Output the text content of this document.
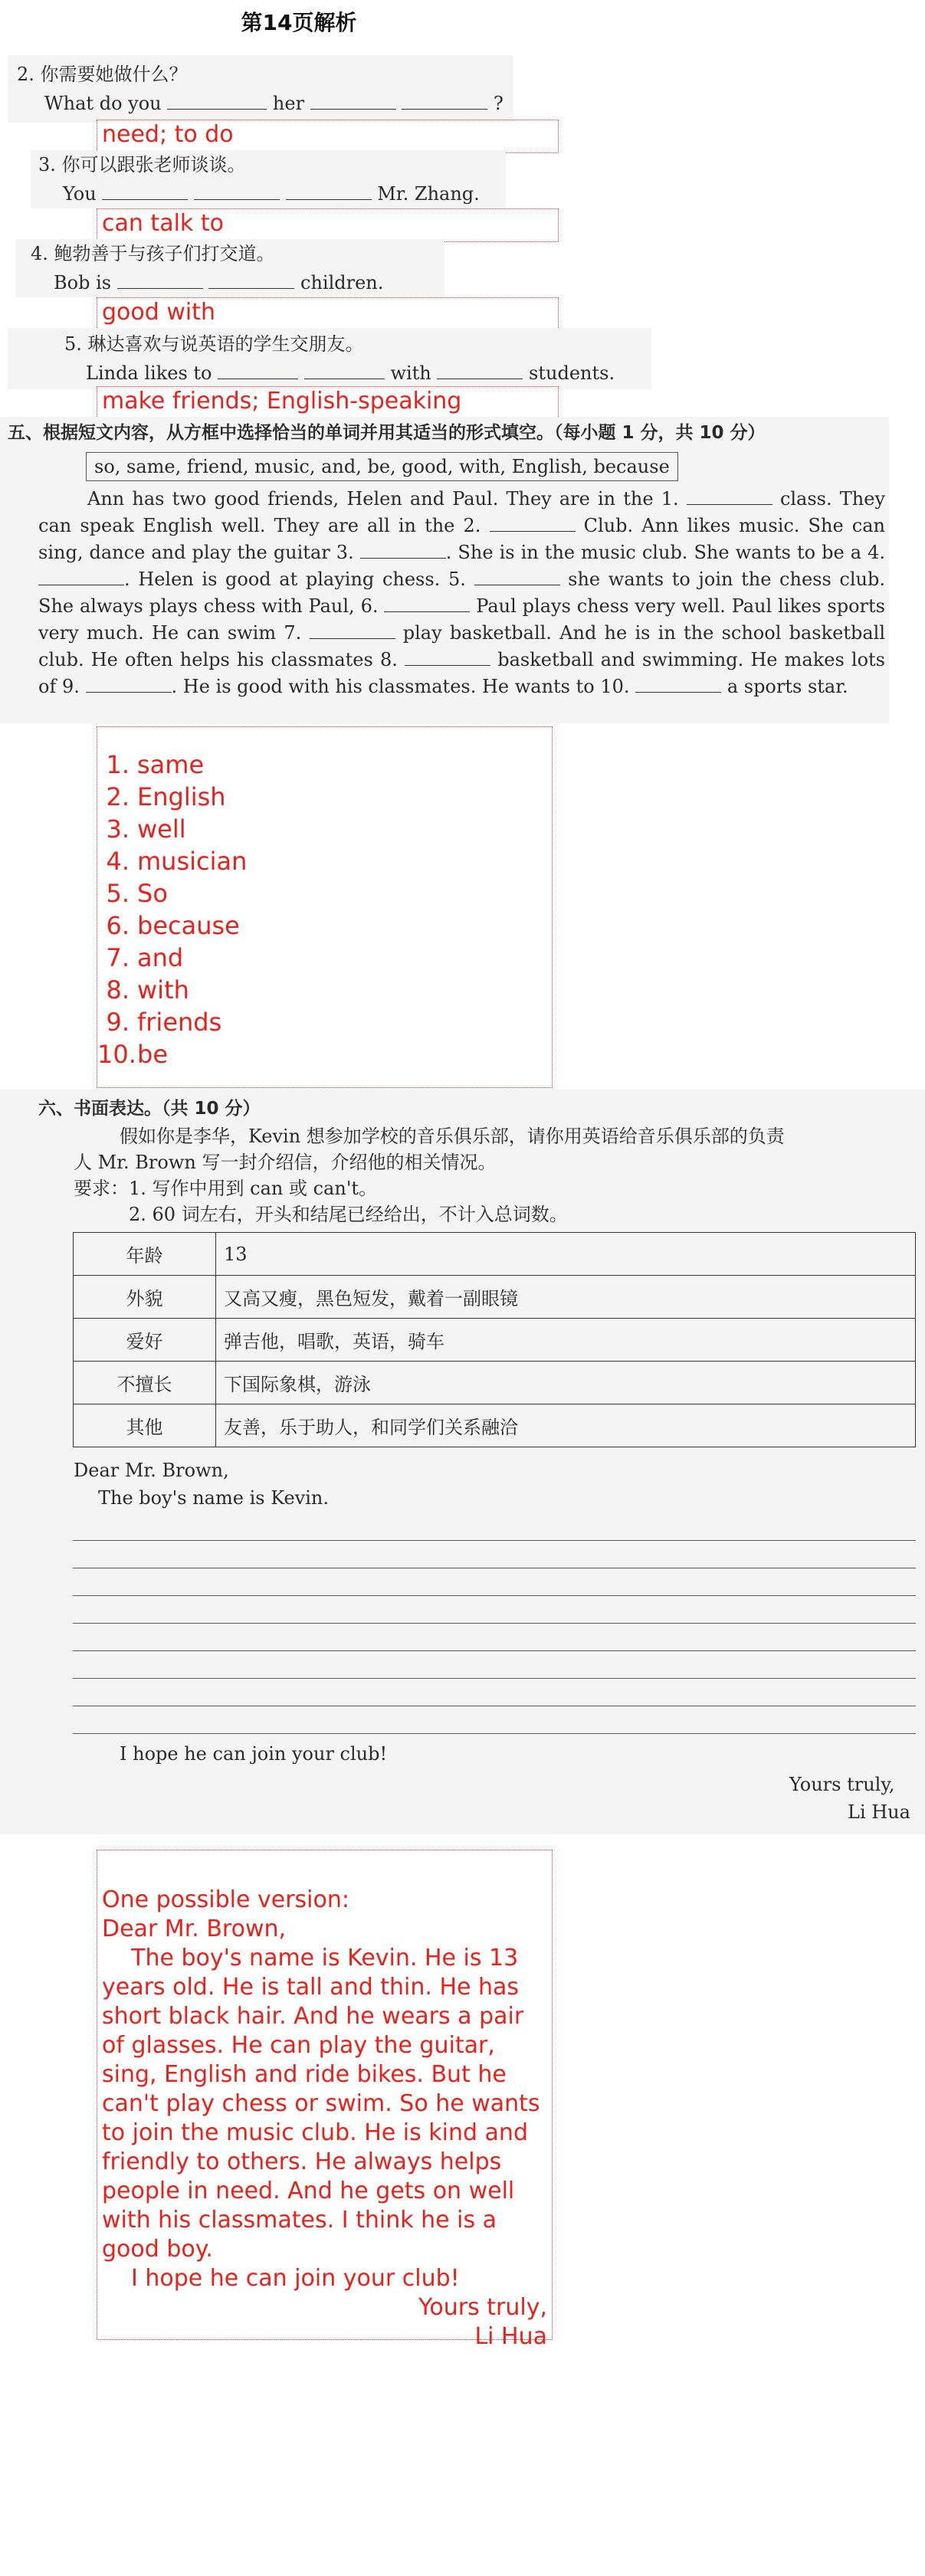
第14页解析
2. 你需要她做什么？
What do you	her	?
need; to do
3. 你可以跟张老师谈谈。
You	Mr. Zhang.
can talk to
4. 鲍勃善于与孩子们打交道。
Bob is	children.
good with
5. 琳达喜欢与说英语的学生交朋友。
Linda likes to	with	students.
make friends; English-speaking
五、根据短文内容，从方框中选择恰当的单词并用其适当的形式填空。（每小题 1 分，共 10 分）
so, same, friend, music, and, be, good, with, English, because
Ann has two good friends, Helen and Paul. They are in the 1.	class. They can speak English well. They are all in the 2.	Club. Ann likes music. She can sing, dance and play the guitar 3.	. She is in the music club. She wants to be a 4. . Helen is good at playing chess. 5.	she wants to join the chess club. She always plays chess with Paul, 6.	Paul plays chess very well. Paul likes sports very much. He can swim 7.	play basketball. And he is in the school basketball club. He often helps his classmates 8.	basketball and swimming. He makes lots of 9.	. He is good with his classmates. He wants to 10.	a sports star.
1. same
2. English
3. well
4. musician
5. So
6. because
7. and
8. with
9. friends
10.be
六、书面表达。（共 10 分）
假如你是李华，Kevin 想参加学校的音乐俱乐部，请你用英语给音乐俱乐部的负责
人 Mr. Brown 写一封介绍信，介绍他的相关情况。
要求：1. 写作中用到 can 或 can't。
2. 60 词左右，开头和结尾已经给出，不计入总词数。
年龄	13
外貌	又高又瘦，黑色短发，戴着一副眼镜
爱好	弹吉他，唱歌，英语，骑车
不擅长	下国际象棋，游泳
其他	友善，乐于助人，和同学们关系融洽
Dear Mr. Brown,
The boy's name is Kevin.
I hope he can join your club!
Yours truly,
Li Hua

One possible version:
Dear Mr. Brown,
The boy's name is Kevin. He is 13 years old. He is tall and thin. He has short black hair. And he wears a pair of glasses. He can play the guitar, sing, English and ride bikes. But he can't play chess or swim. So he wants to join the music club. He is kind and friendly to others. He always helps people in need. And he gets on well with his classmates. I think he is a good boy.
I hope he can join your club!
Yours truly,
Li Hua
